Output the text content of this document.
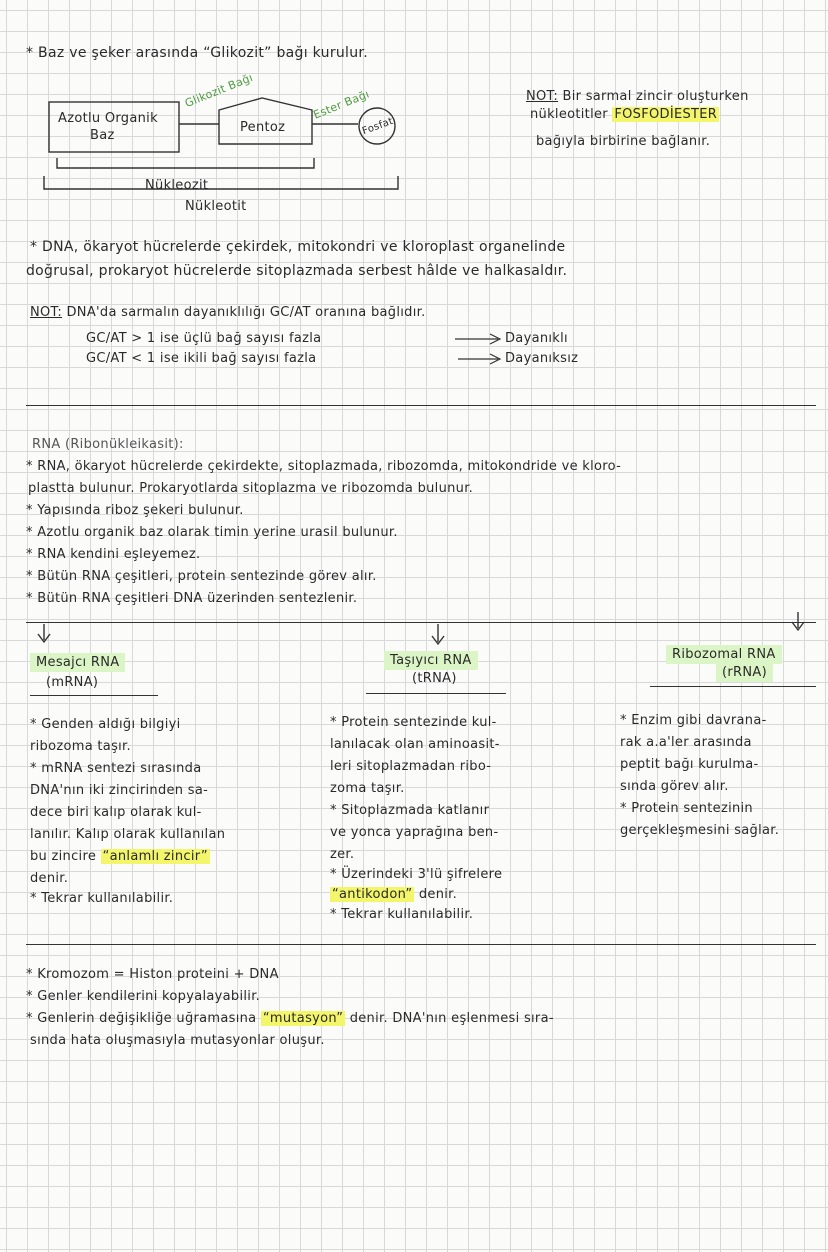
* Baz ve şeker arasında “Glikozit” bağı kurulur.
Azotlu Organik
Baz
Glikozit Bağı
Pentoz
Ester Bağı
Fosfat
Nükleozit
Nükleotit
NOT: Bir sarmal zincir oluşturken
nükleotitler FOSFODİESTER
bağıyla birbirine bağlanır.
* DNA, ökaryot hücrelerde çekirdek, mitokondri ve kloroplast organelinde
doğrusal, prokaryot hücrelerde sitoplazmada serbest hâlde ve halkasaldır.
NOT: DNA'da sarmalın dayanıklılığı GC/AT oranına bağlıdır.
GC/AT > 1 ise üçlü bağ sayısı fazla	Dayanıklı
GC/AT < 1 ise ikili bağ sayısı fazla	Dayanıksız
RNA (Ribonükleikasit):
* RNA, ökaryot hücrelerde çekirdekte, sitoplazmada, ribozomda, mitokondride ve kloro-
plastta bulunur. Prokaryotlarda sitoplazma ve ribozomda bulunur.
* Yapısında riboz şekeri bulunur.
* Azotlu organik baz olarak timin yerine urasil bulunur.
* RNA kendini eşleyemez.
* Bütün RNA çeşitleri, protein sentezinde görev alır.
* Bütün RNA çeşitleri DNA üzerinden sentezlenir.
Mesajcı RNA
(mRNA)
Taşıyıcı RNA
(tRNA)
Ribozomal RNA
(rRNA)
* Genden aldığı bilgiyi
ribozoma taşır.
* mRNA sentezi sırasında
DNA'nın iki zincirinden sa-
dece biri kalıp olarak kul-
lanılır. Kalıp olarak kullanılan
bu zincire “anlamlı zincir”
denir.
* Tekrar kullanılabilir.
* Protein sentezinde kul-
lanılacak olan aminoasit-
leri sitoplazmadan ribo-
zoma taşır.
* Sitoplazmada katlanır
ve yonca yaprağına ben-
zer.
* Üzerindeki 3'lü şifrelere
“antikodon” denir.
* Tekrar kullanılabilir.
* Enzim gibi davrana-
rak a.a'ler arasında
peptit bağı kurulma-
sında görev alır.
* Protein sentezinin
gerçekleşmesini sağlar.
* Kromozom = Histon proteini + DNA
* Genler kendilerini kopyalayabilir.
* Genlerin değişikliğe uğramasına “mutasyon” denir. DNA'nın eşlenmesi sıra-
sında hata oluşmasıyla mutasyonlar oluşur.
